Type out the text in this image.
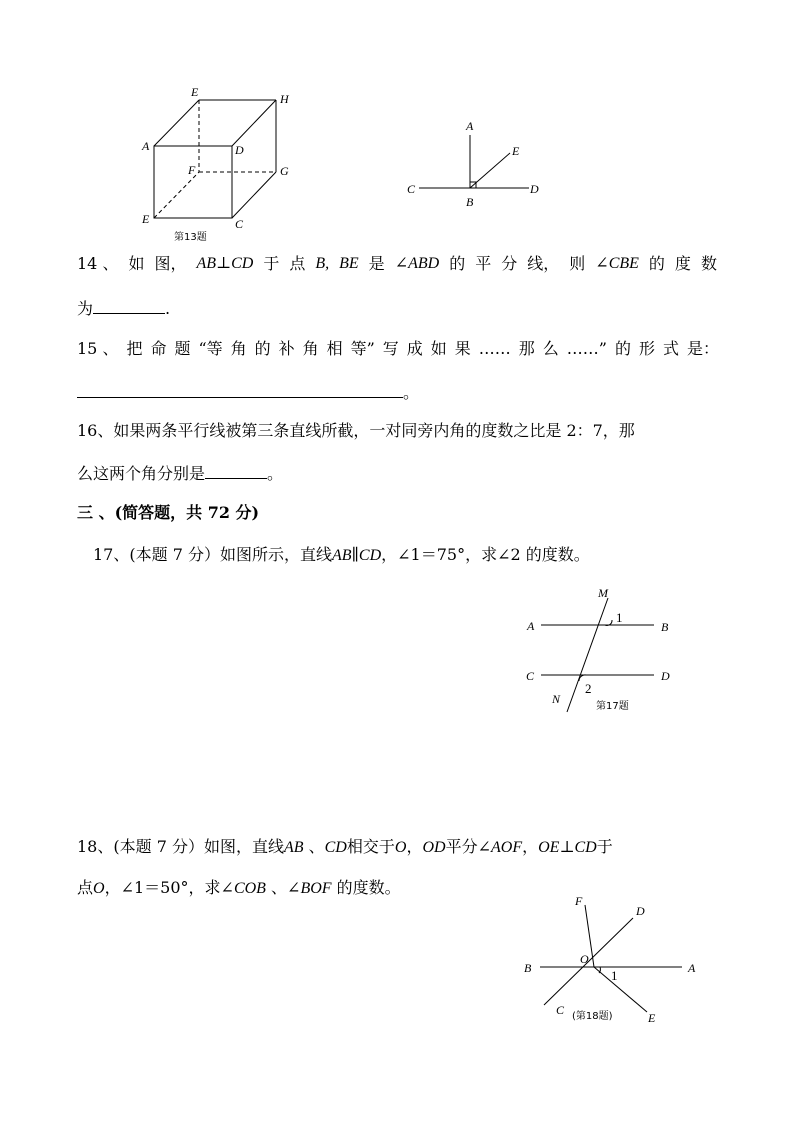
E	H
A	D
F	G
E	C
第13题
A
E
C
B
D
M
A	B
1
C	D
2
N
第17题
F
D
B
O
A
1
C (第18题)	E
14 、 如 图， AB⊥CD 于 点 B, BE 是 ∠ABD 的 平 分 线， 则 ∠CBE 的 度 数
为	.
15 、 把 命 题 “等 角 的 补 角 相 等” 写 成 如 果 …… 那 么 ……” 的 形 式 是：
。
16、如果两条平行线被第三条直线所截，一对同旁内角的度数之比是 2：7，那
么这两个角分别是	。
三 、(简答题，共 72 分)
17、(本题 7 分）如图所示，直线AB∥CD，∠1＝75°，求∠2 的度数。
18、(本题 7 分）如图，直线AB 、CD相交于O，OD平分∠AOF，OE⊥CD于
点O，∠1＝50°，求∠COB 、∠BOF 的度数。
